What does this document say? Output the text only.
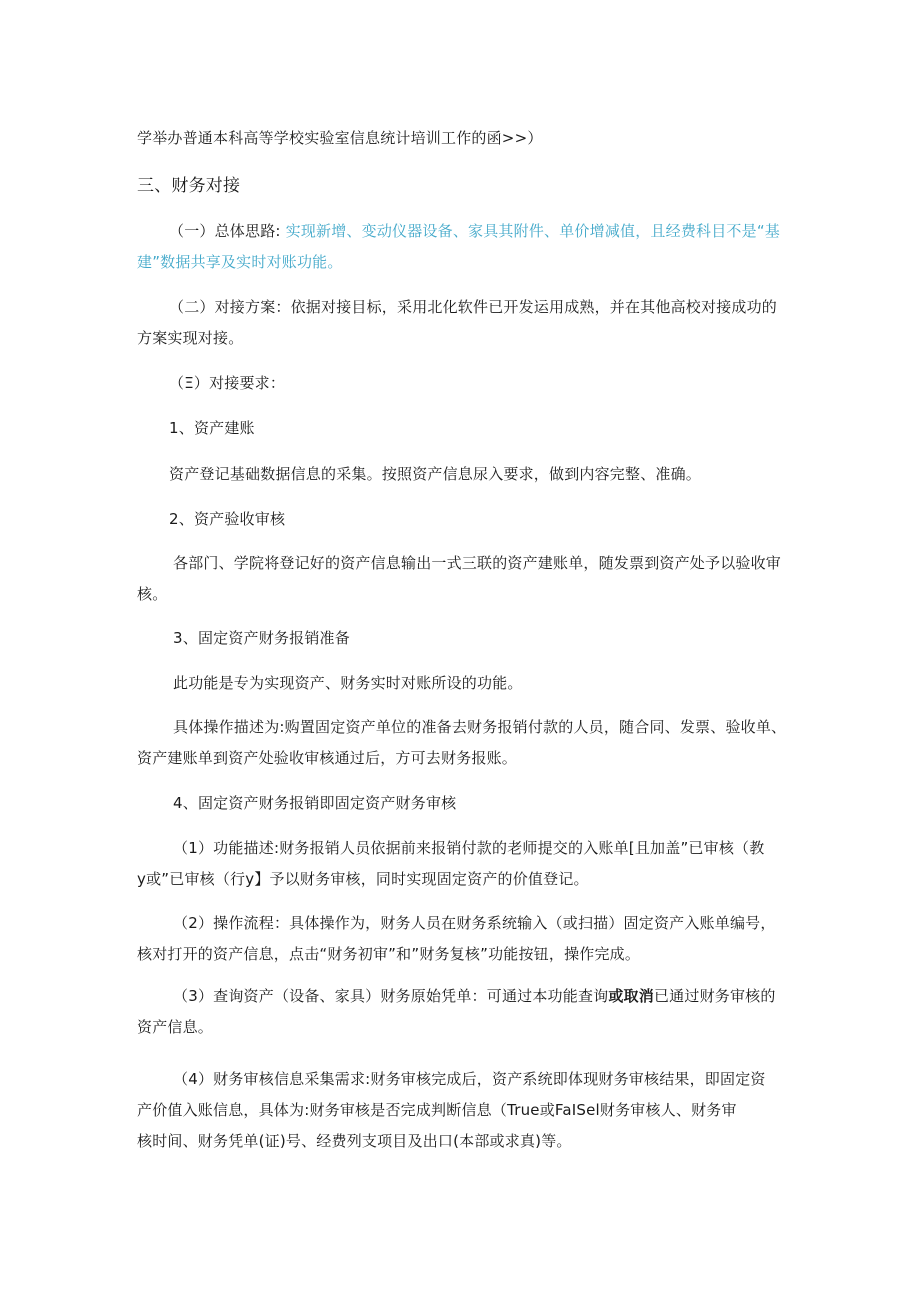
学举办普通本科高等学校实验室信息统计培训工作的函>>）
三、财务对接
（一）总体思路: 实现新增、变动仪器设备、家具其附件、单价增减值，且经费科目不是“基
建”数据共享及实时对账功能。
（二）对接方案：依据对接目标，采用北化软件已开发运用成熟，并在其他高校对接成功的
方案实现对接。
（Ξ）对接要求：
1、资产建账
资产登记基础数据信息的采集。按照资产信息尿入要求，做到内容完整、准确。
2、资产验收审核
各部门、学院将登记好的资产信息输出一式三联的资产建账单，随发票到资产处予以验收审
核。
3、固定资产财务报销准备
此功能是专为实现资产、财务实时对账所设的功能。
具体操作描述为:购置固定资产单位的准备去财务报销付款的人员，随合同、发票、验收单、
资产建账单到资产处验收审核通过后，方可去财务报账。
4、固定资产财务报销即固定资产财务审核
（1）功能描述:财务报销人员依据前来报销付款的老师提交的入账单[且加盖”已审核（教
y或”已审核（行y】予以财务审核，同时实现固定资产的价值登记。
（2）操作流程：具体操作为，财务人员在财务系统输入（或扫描）固定资产入账单编号，
核对打开的资产信息，点击“财务初审”和”财务复核”功能按钮，操作完成。
（3）查询资产（设备、家具）财务原始凭单：可通过本功能查询或取消已通过财务审核的
资产信息。
（4）财务审核信息采集需求:财务审核完成后，资产系统即体现财务审核结果，即固定资
产价值入账信息，具体为:财务审核是否完成判断信息（True或FaISel财务审核人、财务审
核时间、财务凭单(证)号、经费列支项目及出口(本部或求真)等。
